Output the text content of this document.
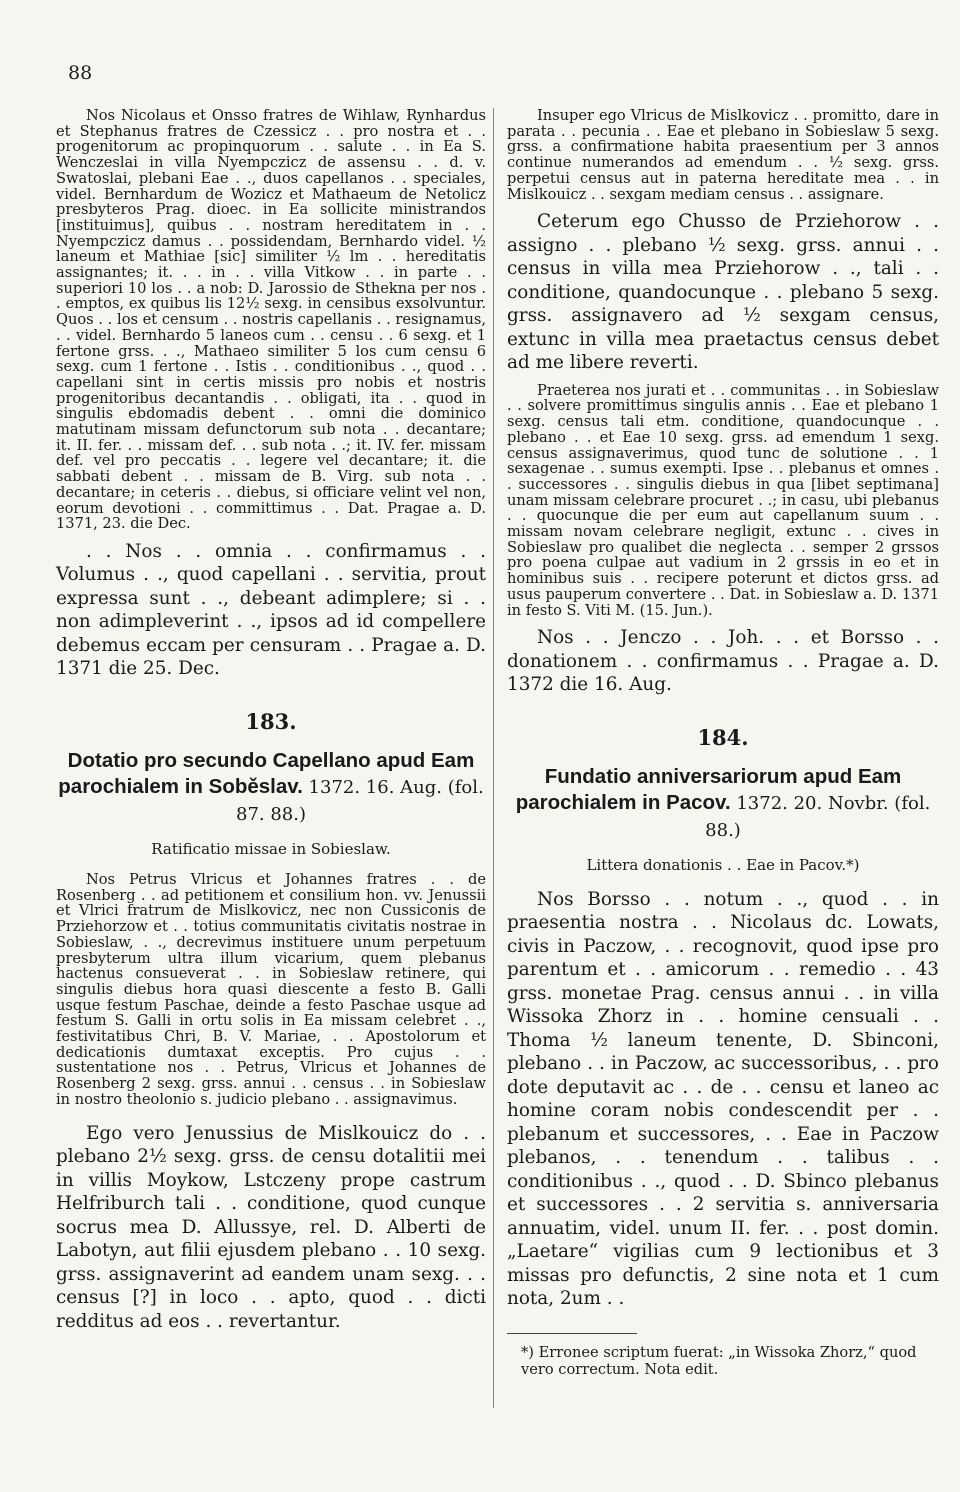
88

Nos Nicolaus et Onsso fratres de Wihlaw, Rynhardus et Stephanus fratres de Czessicz . . pro nostra et . . progenitorum ac propinquorum . . salute . . in Ea S. Wenczeslai in villa Nyempczicz de assensu . . d. v. Swatoslai, plebani Eae . ., duos capellanos . . speciales, videl. Bernhardum de Wozicz et Mathaeum de Netolicz presbyteros Prag. dioec. in Ea sollicite ministrandos [instituimus], quibus . . nostram hereditatem in . . Nyempczicz damus . . possidendam, Bernhardo videl. ½ laneum et Mathiae [sic] similiter ½ lm . . hereditatis assignantes; it. . . in . . villa Vitkow . . in parte . . superiori 10 los . . a nob: D. Jarossio de Sthekna per nos . . emptos, ex quibus lis 12½ sexg. in censibus exsolvuntur. Quos . . los et censum . . nostris capellanis . . resignamus, . . videl. Bernhardo 5 laneos cum . . censu . . 6 sexg. et 1 fertone grss. . ., Mathaeo similiter 5 los cum censu 6 sexg. cum 1 fertone . . Istis . . conditionibus . ., quod . . capellani sint in certis missis pro nobis et nostris progenitoribus decantandis . . obligati, ita . . quod in singulis ebdomadis debent . . omni die dominico matutinam missam defunctorum sub nota . . decantare; it. II. fer. . . missam def. . . sub nota . .; it. IV. fer. missam def. vel pro peccatis . . legere vel decantare; it. die sabbati debent . . missam de B. Virg. sub nota . . decantare; in ceteris . . diebus, si officiare velint vel non, eorum devotioni . . committimus . . Dat. Pragae a. D. 1371, 23. die Dec.

. . Nos . . omnia . . confirmamus . . Volumus . ., quod capellani . . servitia, prout expressa sunt . ., debeant adimplere; si . . non adimpleverint . ., ipsos ad id compellere debemus eccam per censuram . . Pragae a. D. 1371 die 25. Dec.

183.
Dotatio pro secundo Capellano apud Eam parochialem in Soběslav. 1372. 16. Aug. (fol. 87. 88.)
Ratificatio missae in Sobieslaw.

Nos Petrus Vlricus et Johannes fratres . . de Rosenberg . . ad petitionem et consilium hon. vv. Jenussii et Vlrici fratrum de Mislkovicz, nec non Cussiconis de Prziehorzow et . . totius communitatis civitatis nostrae in Sobieslaw, . ., decrevimus instituere unum perpetuum presbyterum ultra illum vicarium, quem plebanus hactenus consueverat . . in Sobieslaw retinere, qui singulis diebus hora quasi diescente a festo B. Galli usque festum Paschae, deinde a festo Paschae usque ad festum S. Galli in ortu solis in Ea missam celebret . ., festivitatibus Chri, B. V. Mariae, . . Apostolorum et dedicationis dumtaxat exceptis. Pro cujus . . sustentatione nos . . Petrus, Vlricus et Johannes de Rosenberg 2 sexg. grss. annui . . census . . in Sobieslaw in nostro theolonio s. judicio plebano . . assignavimus.

Ego vero Jenussius de Mislkouicz do . . plebano 2½ sexg. grss. de censu dotalitii mei in villis Moykow, Lstczeny prope castrum Helfriburch tali . . conditione, quod cunque socrus mea D. Allussye, rel. D. Alberti de Labotyn, aut filii ejusdem plebano . . 10 sexg. grss. assignaverint ad eandem unam sexg. . . census [?] in loco . . apto, quod . . dicti redditus ad eos . . revertantur.

Insuper ego Vlricus de Mislkovicz . . promitto, dare in parata . . pecunia . . Eae et plebano in Sobieslaw 5 sexg. grss. a confirmatione habita praesentium per 3 annos continue numerandos ad emendum . . ½ sexg. grss. perpetui census aut in paterna hereditate mea . . in Mislkouicz . . sexgam mediam census . . assignare.

Ceterum ego Chusso de Prziehorow . . assigno . . plebano ½ sexg. grss. annui . . census in villa mea Prziehorow . ., tali . . conditione, quandocunque . . plebano 5 sexg. grss. assignavero ad ½ sexgam census, extunc in villa mea praetactus census debet ad me libere reverti.

Praeterea nos jurati et . . communitas . . in Sobieslaw . . solvere promittimus singulis annis . . Eae et plebano 1 sexg. census tali etm. conditione, quandocunque . . plebano . . et Eae 10 sexg. grss. ad emendum 1 sexg. census assignaverimus, quod tunc de solutione . . 1 sexagenae . . sumus exempti. Ipse . . plebanus et omnes . . successores . . singulis diebus in qua [libet septimana] unam missam celebrare procuret . .; in casu, ubi plebanus . . quocunque die per eum aut capellanum suum . . missam novam celebrare negligit, extunc . . cives in Sobieslaw pro qualibet die neglecta . . semper 2 grssos pro poena culpae aut vadium in 2 grssis in eo et in hominibus suis . . recipere poterunt et dictos grss. ad usus pauperum convertere . . Dat. in Sobieslaw a. D. 1371 in festo S. Viti M. (15. Jun.).

Nos . . Jenczo . . Joh. . . et Borsso . . donationem . . confirmamus . . Pragae a. D. 1372 die 16. Aug.

184.
Fundatio anniversariorum apud Eam parochialem in Pacov. 1372. 20. Novbr. (fol. 88.)
Littera donationis . . Eae in Pacov.*)

Nos Borsso . . notum . ., quod . . in praesentia nostra . . Nicolaus dc. Lowats, civis in Paczow, . . recognovit, quod ipse pro parentum et . . amicorum . . remedio . . 43 grss. monetae Prag. census annui . . in villa Wissoka Zhorz in . . homine censuali . . Thoma ½ laneum tenente, D. Sbinconi, plebano . . in Paczow, ac successoribus, . . pro dote deputavit ac . . de . . censu et laneo ac homine coram nobis condescendit per . . plebanum et successores, . . Eae in Paczow plebanos, . . tenendum . . talibus . . conditionibus . ., quod . . D. Sbinco plebanus et successores . . 2 servitia s. anniversaria annuatim, videl. unum II. fer. . . post domin. „Laetare“ vigilias cum 9 lectionibus et 3 missas pro defunctis, 2 sine nota et 1 cum nota, 2um . .

*) Erronee scriptum fuerat: „in Wissoka Zhorz,“ quod vero correctum. Nota edit.
